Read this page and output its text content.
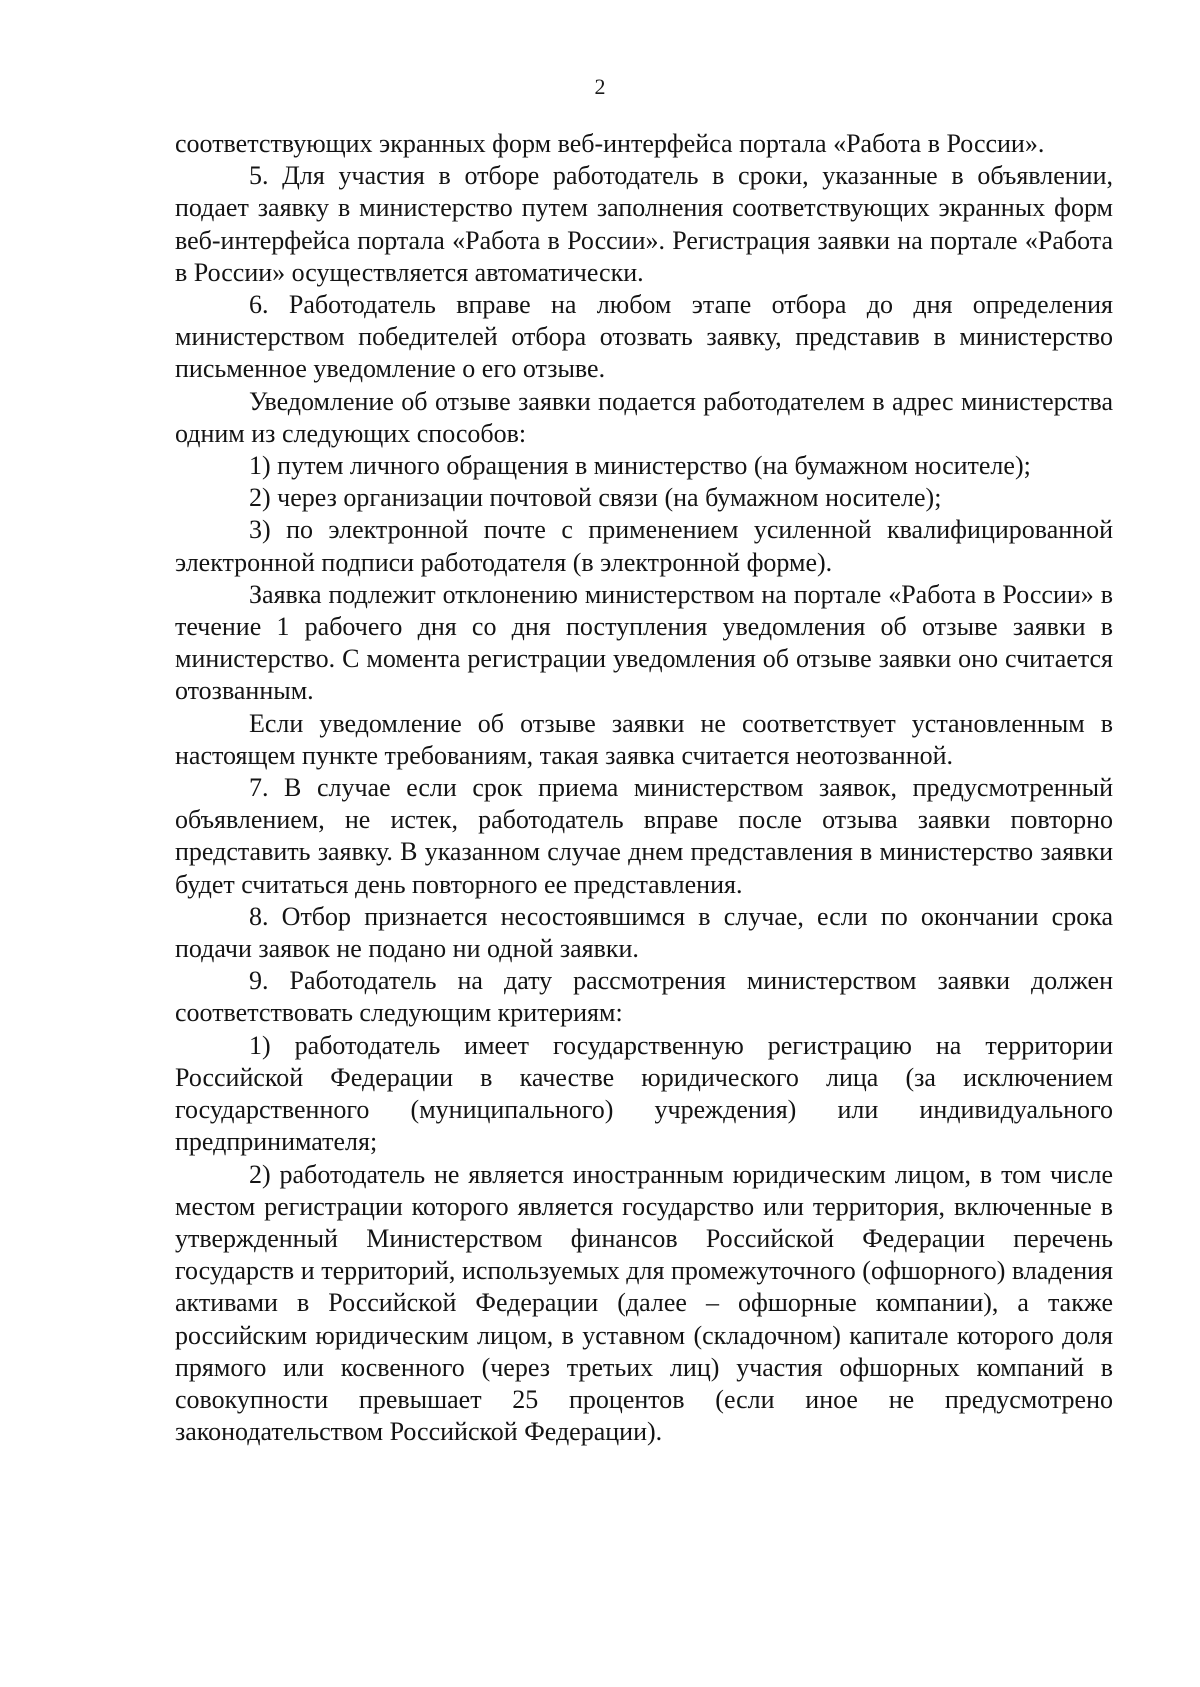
2

соответствующих экранных форм веб-интерфейса портала «Работа в России».

5. Для участия в отборе работодатель в сроки, указанные в объявлении, подает заявку в министерство путем заполнения соответствующих экранных форм веб-интерфейса портала «Работа в России». Регистрация заявки на портале «Работа в России» осуществляется автоматически.

6. Работодатель вправе на любом этапе отбора до дня определения министерством победителей отбора отозвать заявку, представив в министерство письменное уведомление о его отзыве.

Уведомление об отзыве заявки подается работодателем в адрес министерства одним из следующих способов:

1) путем личного обращения в министерство (на бумажном носителе);

2) через организации почтовой связи (на бумажном носителе);

3) по электронной почте с применением усиленной квалифицированной электронной подписи работодателя (в электронной форме).

Заявка подлежит отклонению министерством на портале «Работа в России» в течение 1 рабочего дня со дня поступления уведомления об отзыве заявки в министерство. С момента регистрации уведомления об отзыве заявки оно считается отозванным.

Если уведомление об отзыве заявки не соответствует установленным в настоящем пункте требованиям, такая заявка считается неотозванной.

7. В случае если срок приема министерством заявок, предусмотренный объявлением, не истек, работодатель вправе после отзыва заявки повторно представить заявку. В указанном случае днем представления в министерство заявки будет считаться день повторного ее представления.

8. Отбор признается несостоявшимся в случае, если по окончании срока подачи заявок не подано ни одной заявки.

9. Работодатель на дату рассмотрения министерством заявки должен соответствовать следующим критериям:

1) работодатель имеет государственную регистрацию на территории Российской Федерации в качестве юридического лица (за исключением государственного (муниципального) учреждения) или индивидуального предпринимателя;

2) работодатель не является иностранным юридическим лицом, в том числе местом регистрации которого является государство или территория, включенные в утвержденный Министерством финансов Российской Федерации перечень государств и территорий, используемых для промежуточного (офшорного) владения активами в Российской Федерации (далее – офшорные компании), а также российским юридическим лицом, в уставном (складочном) капитале которого доля прямого или косвенного (через третьих лиц) участия офшорных компаний в совокупности превышает 25 процентов (если иное не предусмотрено законодательством Российской Федерации).
